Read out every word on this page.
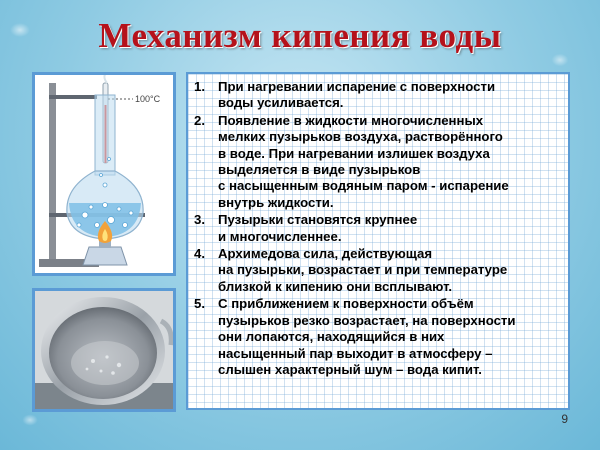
Механизм кипения воды
100°C
1. При нагревании испарение с поверхности
воды усиливается.
2. Появление в жидкости многочисленных
мелких пузырьков воздуха, растворённого
в воде. При нагревании излишек воздуха
выделяется в виде пузырьков
с насыщенным водяным паром - испарение
внутрь жидкости.
3. Пузырьки становятся крупнее
и многочисленнее.
4. Архимедова сила, действующая
на пузырьки, возрастает и при температуре
близкой к кипению они всплывают.
5. С приближением к поверхности объём
пузырьков резко возрастает, на поверхности
они лопаются, находящийся в них
насыщенный пар выходит в атмосферу –
слышен характерный шум – вода кипит.
9
